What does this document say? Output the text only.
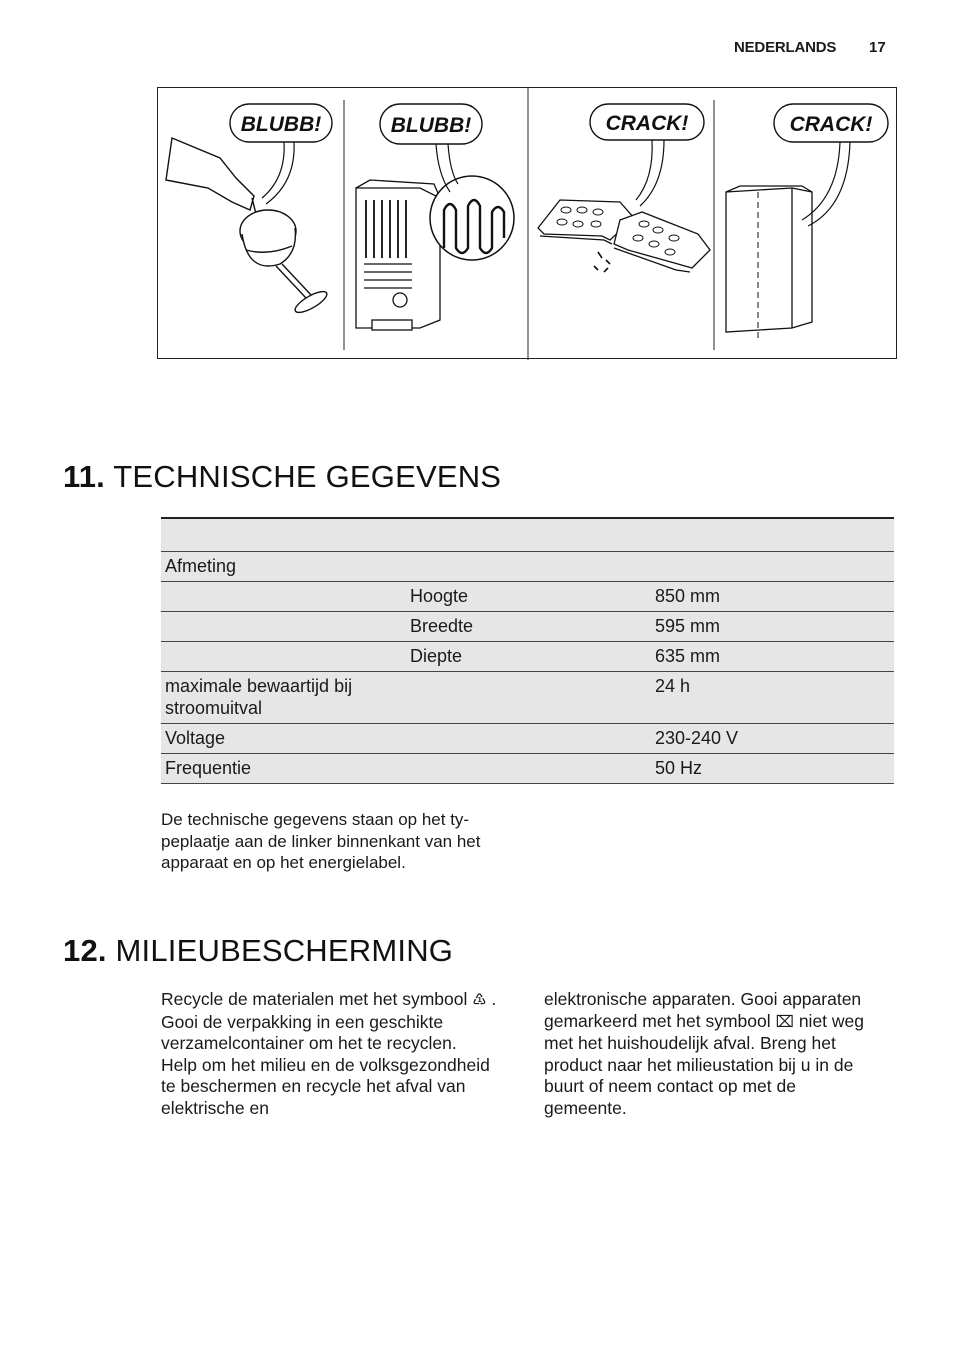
NEDERLANDS 17
BLUBB!	BLUBB!	CRACK!	CRACK!
11. TECHNISCHE GEGEVENS

Afmeting		
	Hoogte	850 mm
	Breedte	595 mm
	Diepte	635 mm
maximale bewaartijd bij stroomuitval		24 h
Voltage		230-240 V
Frequentie		50 Hz
De technische gegevens staan op het ty- peplaatje aan de linker binnenkant van het apparaat en op het energielabel.
12. MILIEUBESCHERMING

Recycle de materialen met het symbool ♳ . Gooi de verpakking in een geschikte verzamelcontainer om het te recyclen.

Help om het milieu en de volksgezondheid te beschermen en recycle het afval van elektrische en

elektronische apparaten. Gooi apparaten gemarkeerd met het symbool ⌧ niet weg met het huishoudelijk afval. Breng het product naar het milieustation bij u in de buurt of neem contact op met de gemeente.
